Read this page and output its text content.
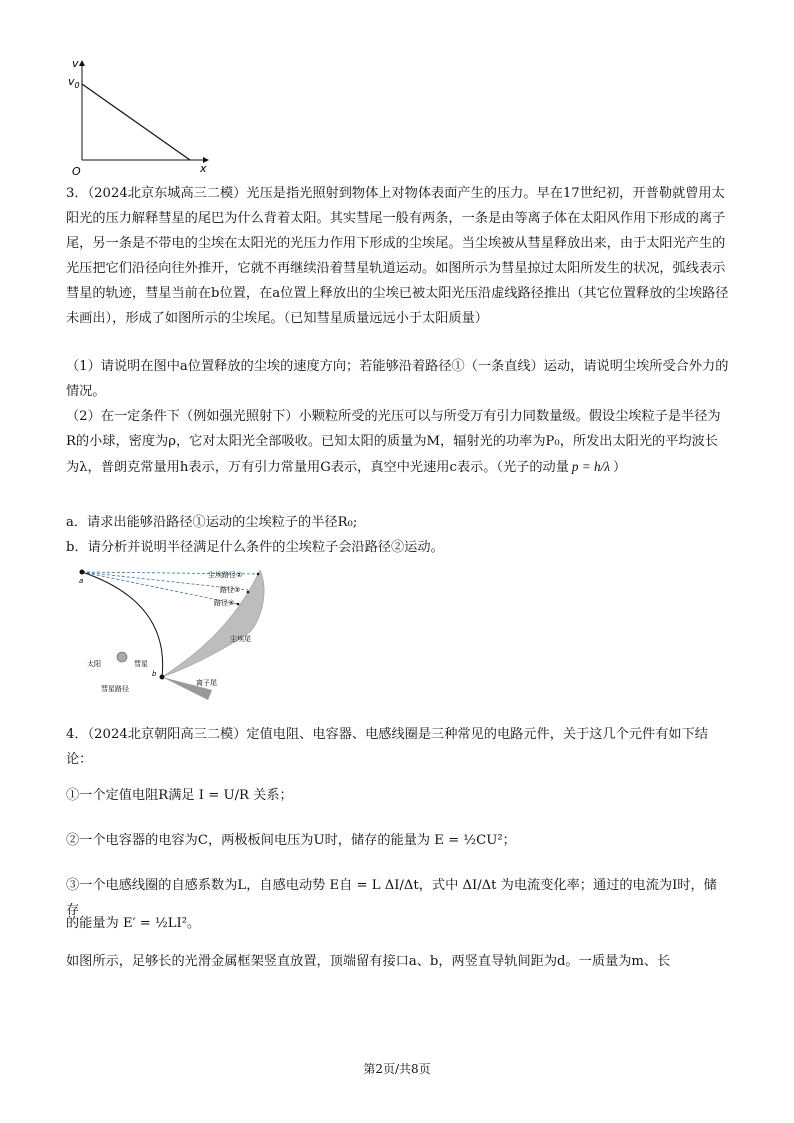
v
$v_0$
O	x
3．（2024北京东城高三二模）光压是指光照射到物体上对物体表面产生的压力。早在17世纪初，开普勒就曾用太阳光的压力解释彗星的尾巴为什么背着太阳。其实彗尾一般有两条，一条是由等离子体在太阳风作用下形成的离子尾，另一条是不带电的尘埃在太阳光的光压力作用下形成的尘埃尾。当尘埃被从彗星释放出来，由于太阳光产生的光压把它们沿径向往外推开，它就不再继续沿着彗星轨道运动。如图所示为彗星掠过太阳所发生的状况，弧线表示彗星的轨迹，彗星当前在b位置，在a位置上释放出的尘埃已被太阳光压沿虚线路径推出（其它位置释放的尘埃路径未画出），形成了如图所示的尘埃尾。（已知彗星质量远远小于太阳质量）
（1）请说明在图中a位置释放的尘埃的速度方向；若能够沿着路径①（一条直线）运动，请说明尘埃所受合外力的情况。
（2）在一定条件下（例如强光照射下）小颗粒所受的光压可以与所受万有引力同数量级。假设尘埃粒子是半径为R的小球，密度为ρ，它对太阳光全部吸收。已知太阳的质量为M，辐射光的功率为P₀，所发出太阳光的平均波长为λ，普朗克常量用h表示，万有引力常量用G表示，真空中光速用c表示。（光子的动量 p = h/λ ）
a．请求出能够沿路径①运动的尘埃粒子的半径R₀;
b．请分析并说明半径满足什么条件的尘埃粒子会沿路径②运动。
a
b
太阳	彗星
彗星路径
尘埃尾
离子尾
尘埃路径②
路径①
路径③
4．（2024北京朝阳高三二模）定值电阻、电容器、电感线圈是三种常见的电路元件，关于这几个元件有如下结论：
①一个定值电阻R满足 I = U/R 关系；
②一个电容器的电容为C，两极板间电压为U时，储存的能量为 E = ½CU²；
③一个电感线圈的自感系数为L，自感电动势 E自 = L ΔI/Δt，式中 ΔI/Δt 为电流变化率；通过的电流为I时，储存
的能量为 E′ = ½LI²。
如图所示，足够长的光滑金属框架竖直放置，顶端留有接口a、b，两竖直导轨间距为d。一质量为m、长
第2页/共8页
